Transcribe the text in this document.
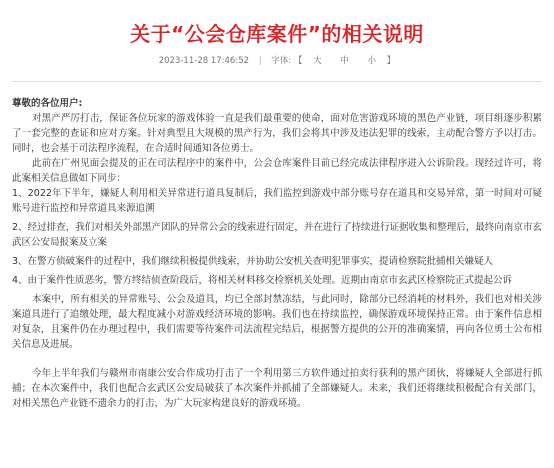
关于“公会仓库案件”的相关说明
2023-11-28 17:46:52 | 字体: 【 大 中 小 】

尊敬的各位用户:

对黑产严厉打击，保证各位玩家的游戏体验一直是我们最重要的使命，面对危害游戏环境的黑色产业链，项目组逐步积累了一套完整的查证和应对方案。针对典型且大规模的黑产行为，我们会将其中涉及违法犯罪的线索，主动配合警方予以打击。同时，也会基于司法程序流程，在合适时间通知各位勇士。

此前在广州见面会提及的正在司法程序中的案件中，公会仓库案件目前已经完成法律程序进入公诉阶段。现经过许可，将此案相关信息做如下同步：

1、2022年下半年，嫌疑人利用相关异常进行道具复制后，我们监控到游戏中部分账号存在道具和交易异常，第一时间对可疑账号进行监控和异常道具来源追溯

2、经过排查，我们对相关外部黑产团队的异常公会的线索进行固定，并在进行了持续进行证据收集和整理后，最终向南京市玄武区公安局报案及立案

3、在警方侦破案件的过程中，我们继续积极提供线索，并协助公安机关查明犯罪事实，提请检察院批捕相关嫌疑人

4、由于案件性质恶劣，警方终结侦查阶段后，将相关材料移交检察机关处理。近期由南京市玄武区检察院正式提起公诉

本案中，所有相关的异常账号、公会及道具，均已全部封禁冻结，与此同时，除部分已经消耗的材料外，我们也对相关涉案道具进行了追缴处理，最大程度减小对游戏经济环境的影响。我们也在持续监控，确保游戏环境保持正常。由于案件信息相对复杂，且案件仍在办理过程中，我们需要等待案件司法流程完结后，根据警方提供的公开的准确案情，再向各位勇士公布相关信息及进展。

今年上半年我们与赣州市南康公安合作成功打击了一个利用第三方软件通过拍卖行获利的黑产团伙，将嫌疑人全部进行抓捕；在本次案件中，我们也配合玄武区公安局破获了本次案件并抓捕了全部嫌疑人。未来，我们还将继续积极配合有关部门，对相关黑色产业链不遗余力的打击，为广大玩家构建良好的游戏环境。
